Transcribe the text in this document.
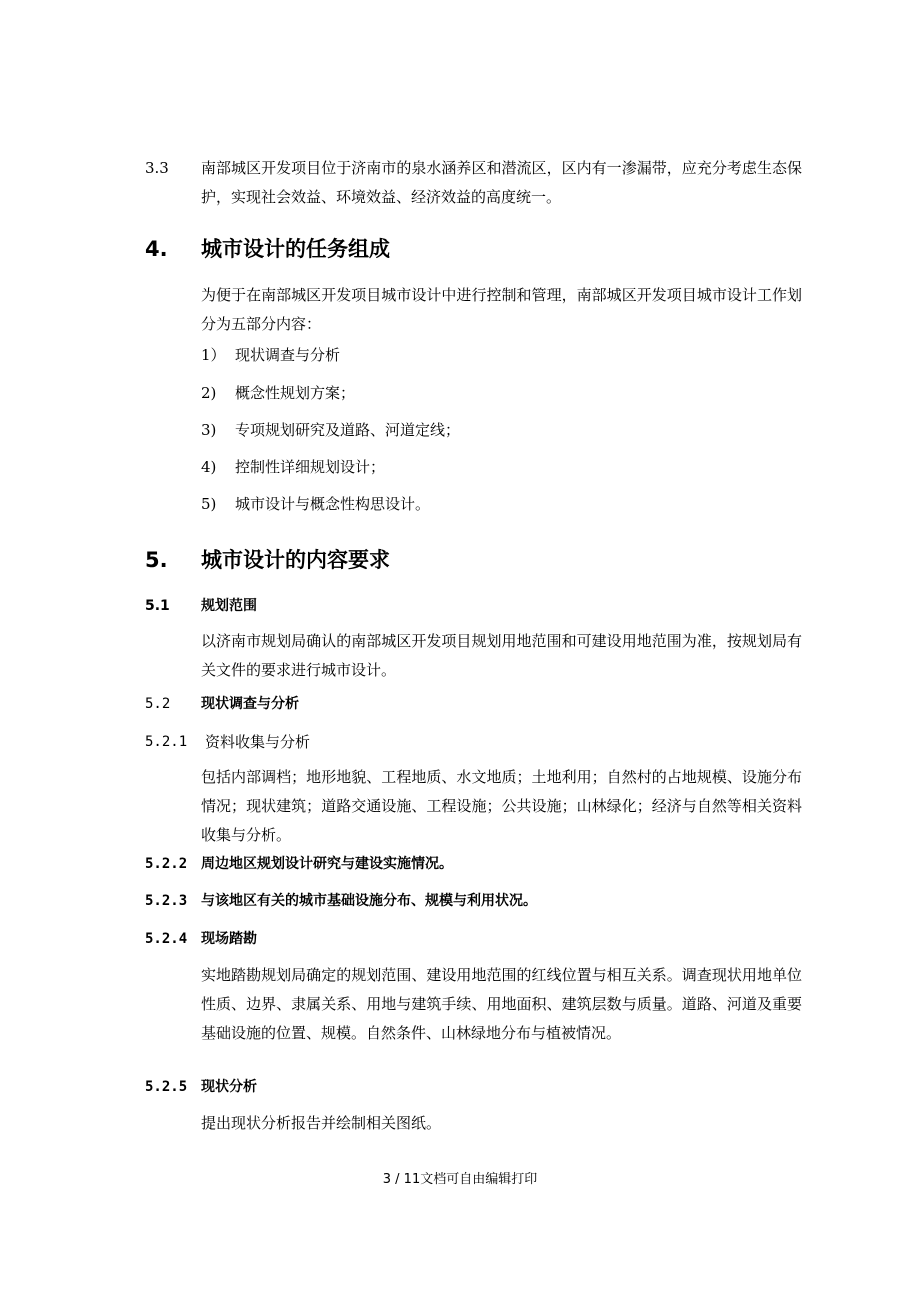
3.3	南部城区开发项目位于济南市的泉水涵养区和潜流区，区内有一渗漏带，应充分考虑生态保护，实现社会效益、环境效益、经济效益的高度统一。
4.	城市设计的任务组成
为便于在南部城区开发项目城市设计中进行控制和管理，南部城区开发项目城市设计工作划分为五部分内容：
1） 现状调查与分析
2) 概念性规划方案；
3) 专项规划研究及道路、河道定线；
4) 控制性详细规划设计；
5) 城市设计与概念性构思设计。
5.	城市设计的内容要求
5.1	规划范围
以济南市规划局确认的南部城区开发项目规划用地范围和可建设用地范围为准，按规划局有关文件的要求进行城市设计。
5.2	现状调查与分析
5.2.1	资料收集与分析
包括内部调档；地形地貌、工程地质、水文地质；土地利用；自然村的占地规模、设施分布情况；现状建筑；道路交通设施、工程设施；公共设施；山林绿化；经济与自然等相关资料收集与分析。
5.2.2 周边地区规划设计研究与建设实施情况。
5.2.3 与该地区有关的城市基础设施分布、规模与利用状况。
5.2.4 现场踏勘
实地踏勘规划局确定的规划范围、建设用地范围的红线位置与相互关系。调查现状用地单位性质、边界、隶属关系、用地与建筑手续、用地面积、建筑层数与质量。道路、河道及重要基础设施的位置、规模。自然条件、山林绿地分布与植被情况。
5.2.5 现状分析
提出现状分析报告并绘制相关图纸。
3 / 11文档可自由编辑打印
